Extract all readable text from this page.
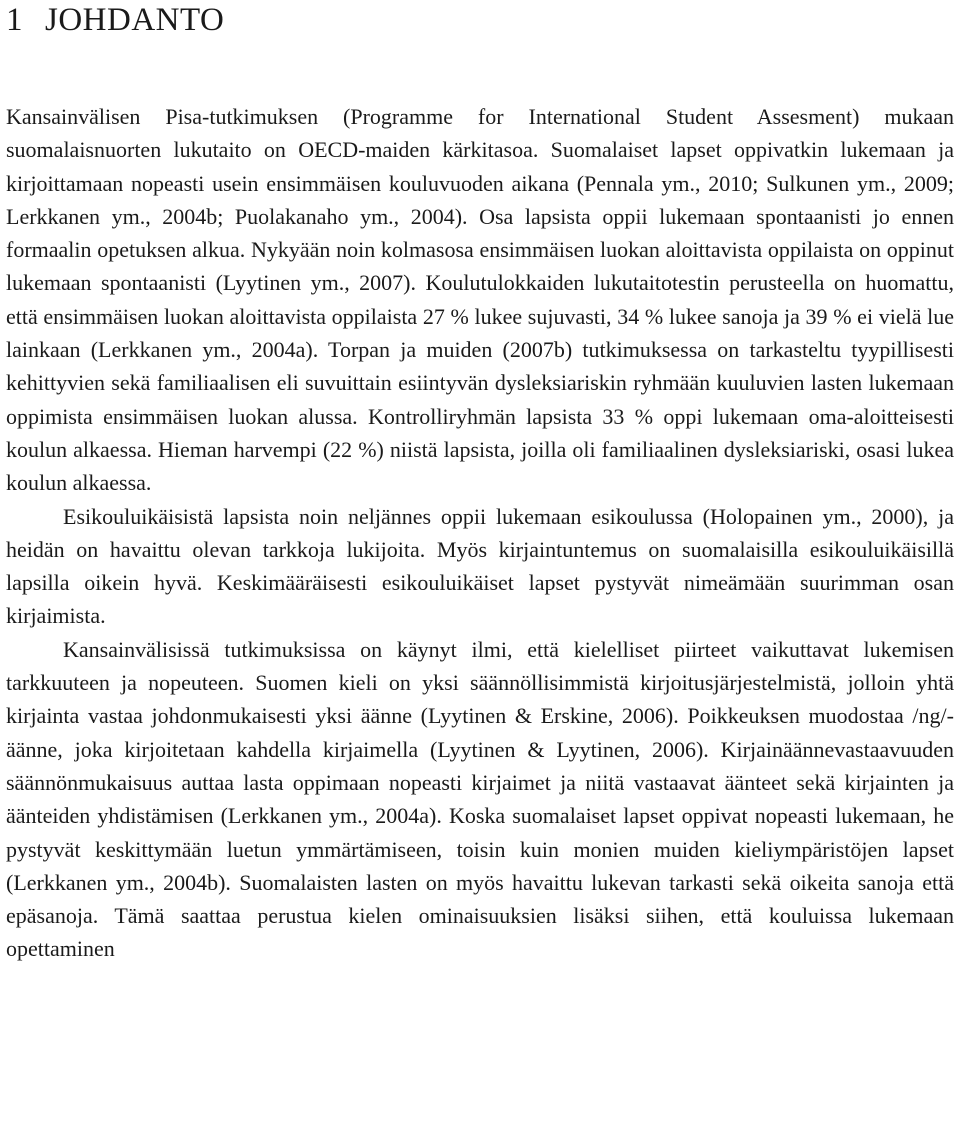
1 JOHDANTO

Kansainvälisen Pisa-tutkimuksen (Programme for International Student Assesment) mukaan suomalaisnuorten lukutaito on OECD-maiden kärkitasoa. Suomalaiset lapset oppivatkin lukemaan ja kirjoittamaan nopeasti usein ensimmäisen kouluvuoden aikana (Pennala ym., 2010; Sulkunen ym., 2009; Lerkkanen ym., 2004b; Puolakanaho ym., 2004). Osa lapsista oppii lukemaan spontaanisti jo ennen formaalin opetuksen alkua. Nykyään noin kolmasosa ensimmäisen luokan aloittavista oppilaista on oppinut lukemaan spontaanisti (Lyytinen ym., 2007). Koulutulokkaiden lukutaitotestin perusteella on huomattu, että ensimmäisen luokan aloittavista oppilaista 27 % lukee sujuvasti, 34 % lukee sanoja ja 39 % ei vielä lue lainkaan (Lerkkanen ym., 2004a). Torpan ja muiden (2007b) tutkimuksessa on tarkasteltu tyypillisesti kehittyvien sekä familiaalisen eli suvuittain esiintyvän dysleksiariskin ryhmään kuuluvien lasten lukemaan oppimista ensimmäisen luokan alussa. Kontrolliryhmän lapsista 33 % oppi lukemaan oma-aloitteisesti koulun alkaessa. Hieman harvempi (22 %) niistä lapsista, joilla oli familiaalinen dysleksiariski, osasi lukea koulun alkaessa.

Esikouluikäisistä lapsista noin neljännes oppii lukemaan esikoulussa (Holopainen ym., 2000), ja heidän on havaittu olevan tarkkoja lukijoita. Myös kirjaintuntemus on suomalaisilla esikouluikäisillä lapsilla oikein hyvä. Keskimääräisesti esikouluikäiset lapset pystyvät nimeämään suurimman osan kirjaimista.

Kansainvälisissä tutkimuksissa on käynyt ilmi, että kielelliset piirteet vaikuttavat lukemisen tarkkuuteen ja nopeuteen. Suomen kieli on yksi säännöllisimmistä kirjoitusjärjestelmistä, jolloin yhtä kirjainta vastaa johdonmukaisesti yksi äänne (Lyytinen & Erskine, 2006). Poikkeuksen muodostaa /ng/-äänne, joka kirjoitetaan kahdella kirjaimella (Lyytinen & Lyytinen, 2006). Kirjainäännevastaavuuden säännönmukaisuus auttaa lasta oppimaan nopeasti kirjaimet ja niitä vastaavat äänteet sekä kirjainten ja äänteiden yhdistämisen (Lerkkanen ym., 2004a). Koska suomalaiset lapset oppivat nopeasti lukemaan, he pystyvät keskittymään luetun ymmärtämiseen, toisin kuin monien muiden kieliympäristöjen lapset (Lerkkanen ym., 2004b). Suomalaisten lasten on myös havaittu lukevan tarkasti sekä oikeita sanoja että epäsanoja. Tämä saattaa perustua kielen ominaisuuksien lisäksi siihen, että kouluissa lukemaan opettaminen
